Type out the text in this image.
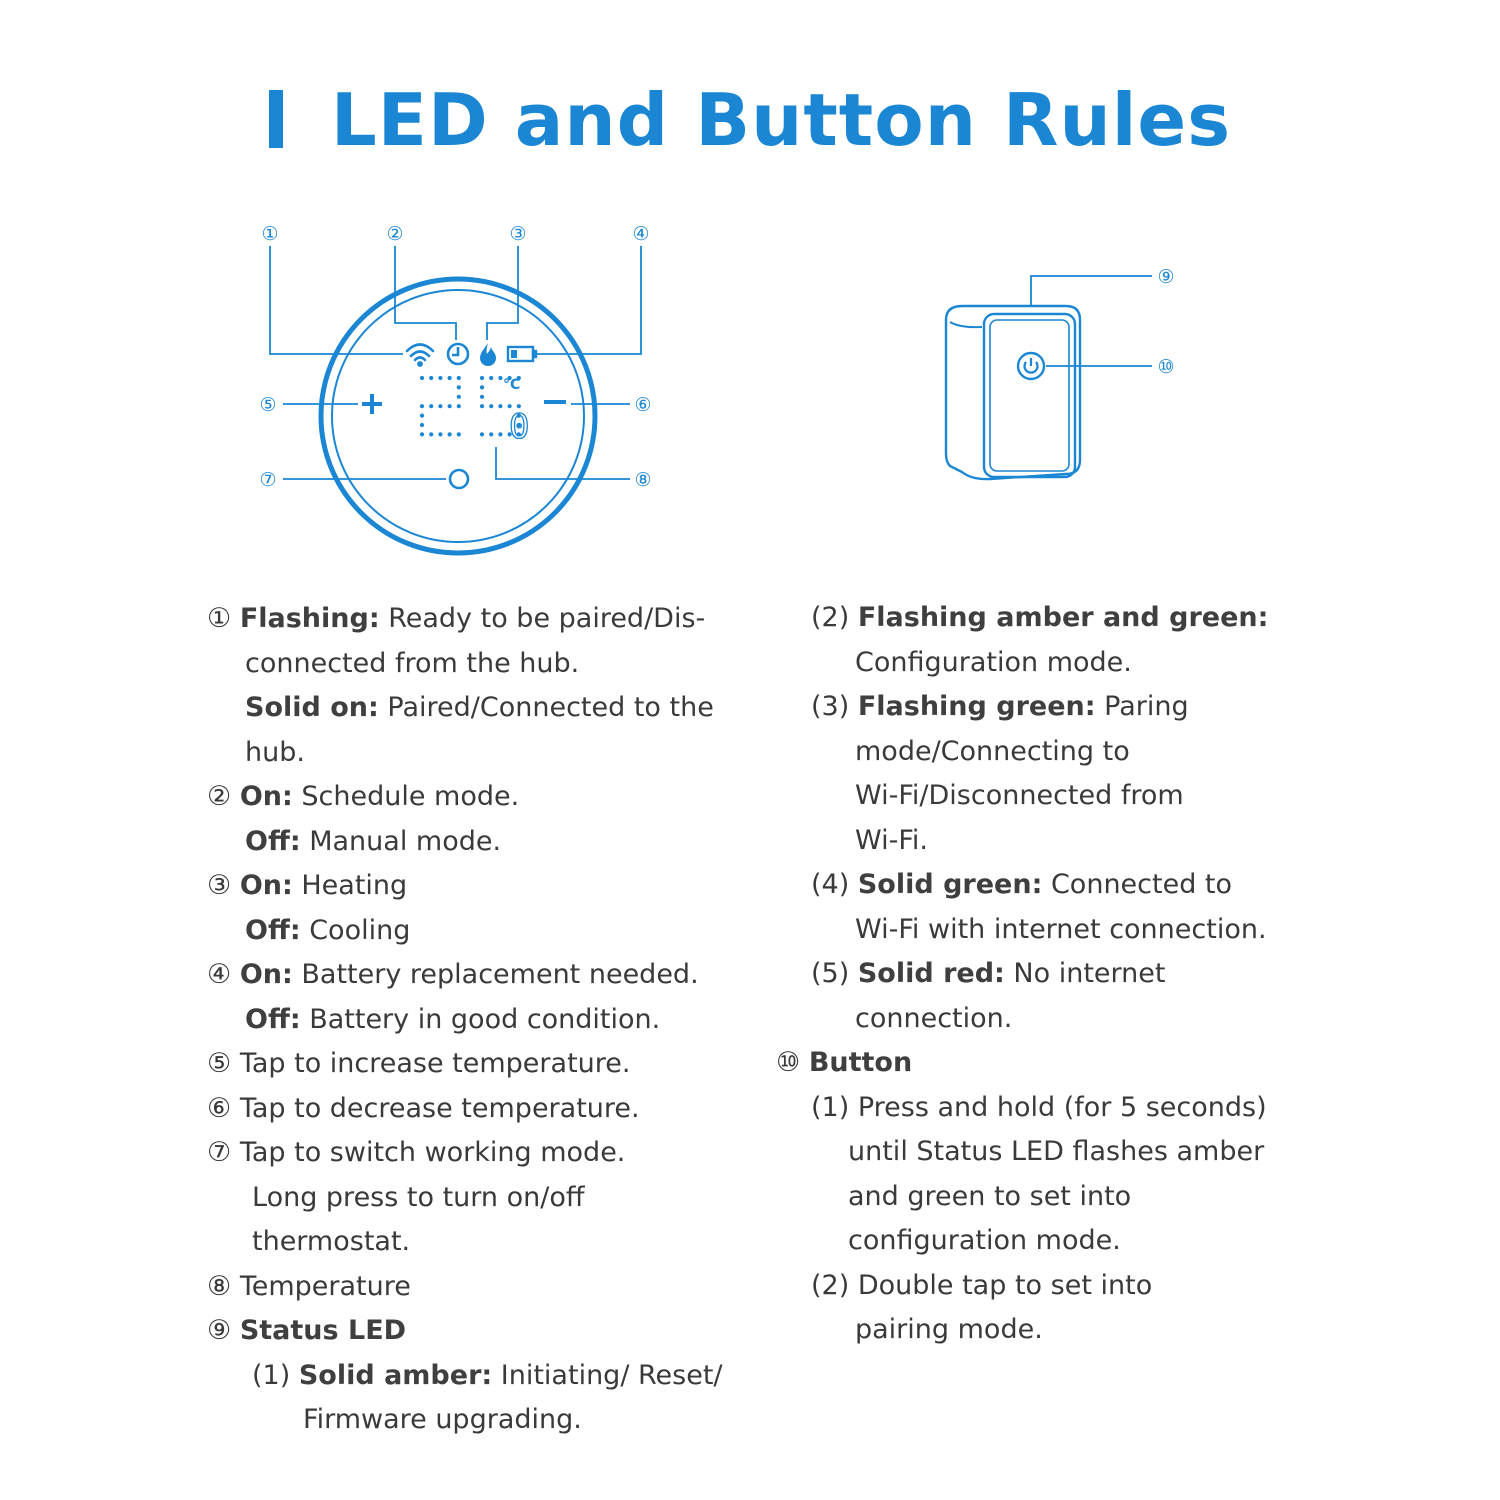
LED and Button Rules
°C
0
①	②	③	④
⑤	⑥
⑦	⑧
⑨
⑩

① Flashing: Ready to be paired/Dis-

connected from the hub.

Solid on: Paired/Connected to the

hub.

② On: Schedule mode.

Off: Manual mode.

③ On: Heating

Off: Cooling

④ On: Battery replacement needed.

Off: Battery in good condition.

⑤ Tap to increase temperature.

⑥ Tap to decrease temperature.

⑦ Tap to switch working mode.

Long press to turn on/off

thermostat.

⑧ Temperature

⑨ Status LED

(1) Solid amber: Initiating/ Reset/

Firmware upgrading.

(2) Flashing amber and green:

Configuration mode.

(3) Flashing green: Paring

mode/Connecting to

Wi-Fi/Disconnected from

Wi-Fi.

(4) Solid green: Connected to

Wi-Fi with internet connection.

(5) Solid red: No internet

connection.

⑩ Button

(1) Press and hold (for 5 seconds)

until Status LED flashes amber

and green to set into

configuration mode.

(2) Double tap to set into

pairing mode.
